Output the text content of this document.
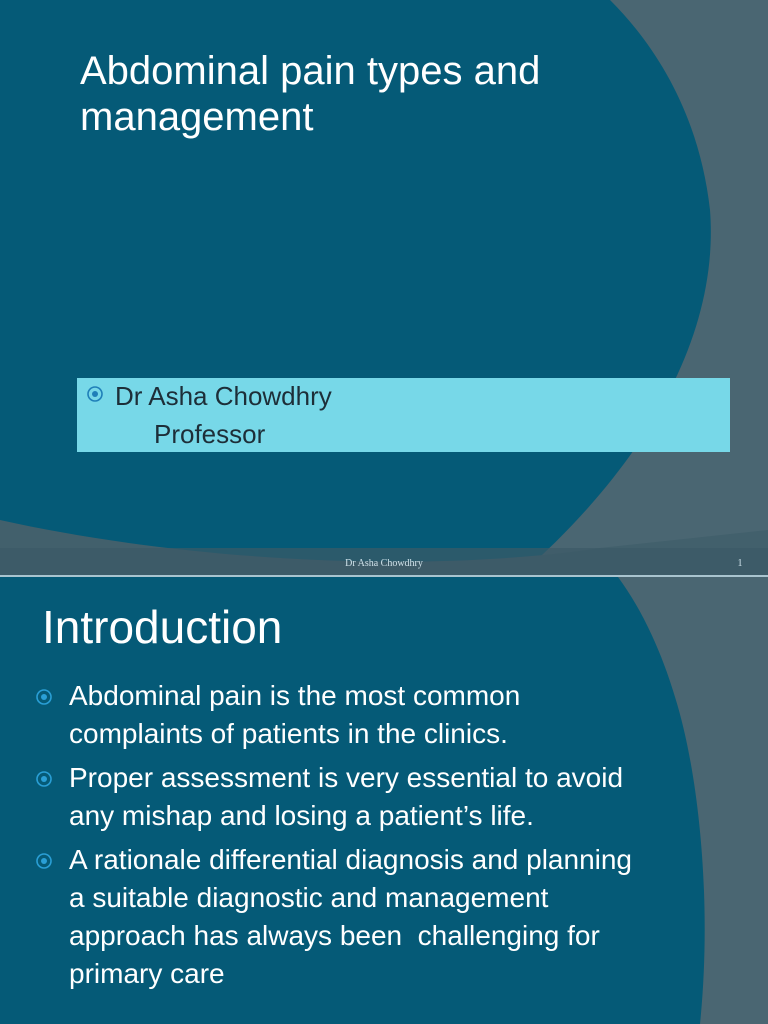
Abdominal pain types and management
Dr Asha Chowdhry
Professor
Dr Asha Chowdhry	1
Introduction
Abdominal pain is the most common complaints of patients in the clinics.
Proper assessment is very essential to avoid any mishap and losing a patient’s life.
A rationale differential diagnosis and planning    a suitable diagnostic and management approach has always been  challenging for primary care
